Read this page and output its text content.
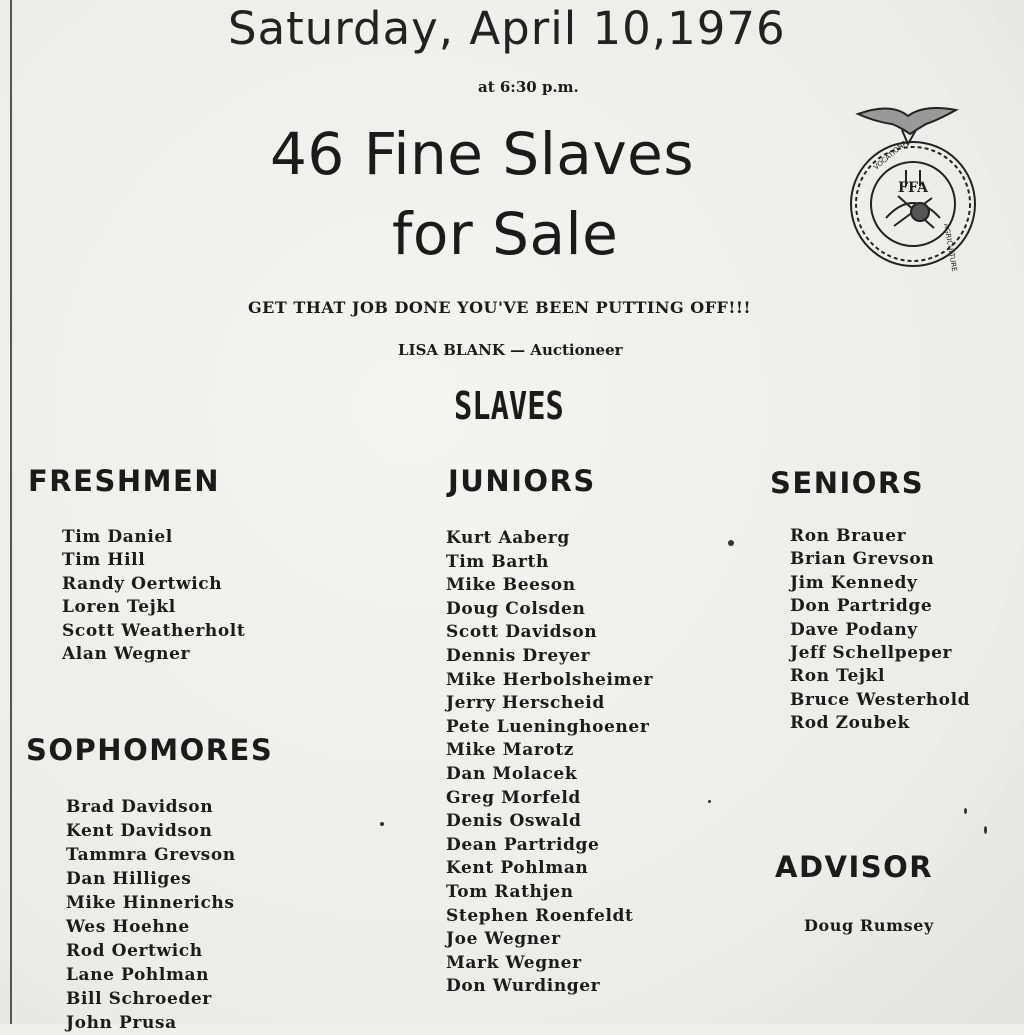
Saturday, April 10,1976
at 6:30 p.m.
46 Fine Slaves
for Sale
FFA
VOCATIONAL
AGRICULTURE
GET THAT JOB DONE YOU'VE BEEN PUTTING OFF!!!
LISA BLANK — Auctioneer
SLAVES
FRESHMEN
Tim Daniel
Tim Hill
Randy Oertwich
Loren Tejkl
Scott Weatherholt
Alan Wegner
SOPHOMORES
Brad Davidson
Kent Davidson
Tammra Grevson
Dan Hilliges
Mike Hinnerichs
Wes Hoehne
Rod Oertwich
Lane Pohlman
Bill Schroeder
John Prusa
JUNIORS
Kurt Aaberg
Tim Barth
Mike Beeson
Doug Colsden
Scott Davidson
Dennis Dreyer
Mike Herbolsheimer
Jerry Herscheid
Pete Lueninghoener
Mike Marotz
Dan Molacek
Greg Morfeld
Denis Oswald
Dean Partridge
Kent Pohlman
Tom Rathjen
Stephen Roenfeldt
Joe Wegner
Mark Wegner
Don Wurdinger
SENIORS
Ron Brauer
Brian Grevson
Jim Kennedy
Don Partridge
Dave Podany
Jeff Schellpeper
Ron Tejkl
Bruce Westerhold
Rod Zoubek
ADVISOR
Doug Rumsey
